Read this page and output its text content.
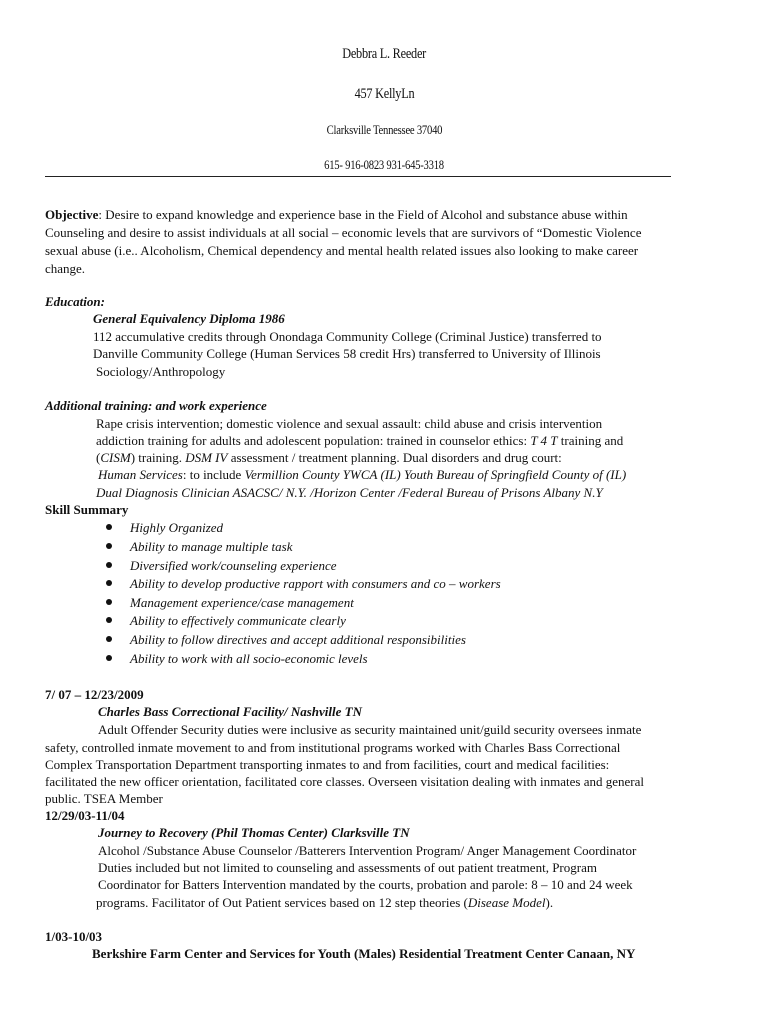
Debbra L. Reeder
457 KellyLn
Clarksville Tennessee 37040
615- 916-0823 931-645-3318
Objective: Desire to expand knowledge and experience base in the Field of Alcohol and substance abuse within
Counseling and desire to assist individuals at all social – economic levels that are survivors of “Domestic Violence
sexual abuse (i.e.. Alcoholism, Chemical dependency and mental health related issues also looking to make career
change.
Education:
General Equivalency Diploma 1986
112 accumulative credits through Onondaga Community College (Criminal Justice) transferred to
Danville Community College (Human Services 58 credit Hrs) transferred to University of Illinois
Sociology/Anthropology
Additional training: and work experience
Rape crisis intervention; domestic violence and sexual assault: child abuse and crisis intervention
addiction training for adults and adolescent population: trained in counselor ethics: T 4 T training and
(CISM) training. DSM IV assessment / treatment planning. Dual disorders and drug court:
Human Services: to include Vermillion County YWCA (IL) Youth Bureau of Springfield County of (IL)
Dual Diagnosis Clinician ASACSC/ N.Y. /Horizon Center /Federal Bureau of Prisons Albany N.Y
Skill Summary
Highly Organized
Ability to manage multiple task
Diversified work/counseling experience
Ability to develop productive rapport with consumers and co – workers
Management experience/case management
Ability to effectively communicate clearly
Ability to follow directives and accept additional responsibilities
Ability to work with all socio-economic levels
7/ 07 – 12/23/2009
Charles Bass Correctional Facility/ Nashville TN
Adult Offender Security duties were inclusive as security maintained unit/guild security oversees inmate
safety, controlled inmate movement to and from institutional programs worked with Charles Bass Correctional
Complex Transportation Department transporting inmates to and from facilities, court and medical facilities:
facilitated the new officer orientation, facilitated core classes. Overseen visitation dealing with inmates and general
public. TSEA Member
12/29/03-11/04
Journey to Recovery (Phil Thomas Center) Clarksville TN
Alcohol /Substance Abuse Counselor /Batterers Intervention Program/ Anger Management Coordinator
Duties included but not limited to counseling and assessments of out patient treatment, Program
Coordinator for Batters Intervention mandated by the courts, probation and parole: 8 – 10 and 24 week
programs. Facilitator of Out Patient services based on 12 step theories (Disease Model).
1/03-10/03
Berkshire Farm Center and Services for Youth (Males) Residential Treatment Center Canaan, NY
